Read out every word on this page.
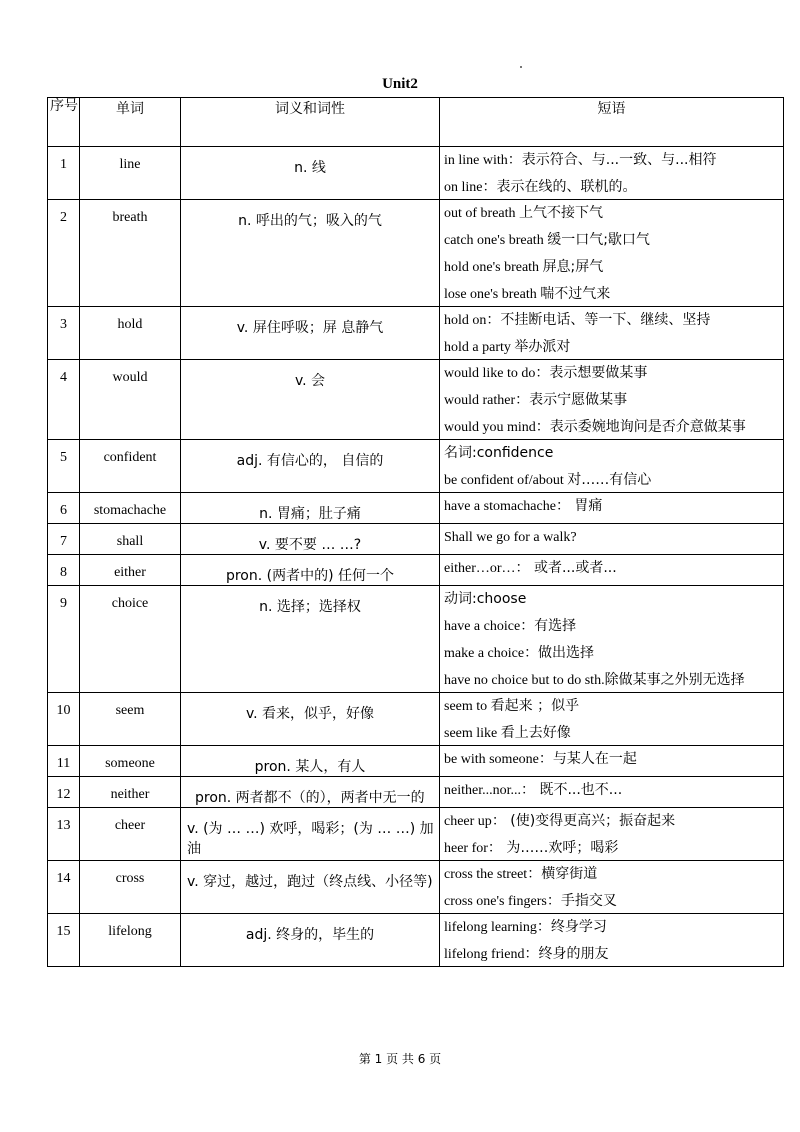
Unit2
序号	单词	词义和词性	短语
1	line	n. 线	in line with：表示符合、与...一致、与...相符
on line：表示在线的、联机的。

2	breath	n. 呼出的气；吸入的气	out of breath 上气不接下气
catch one's breath 缓一口气;歇口气
hold one's breath 屏息;屏气
lose one's breath 喘不过气来

3	hold	v. 屏住呼吸；屏 息静气	hold on：不挂断电话、等一下、继续、坚持
hold a party 举办派对

4	would	v. 会	would like to do：表示想要做某事
would rather：表示宁愿做某事
would you mind：表示委婉地询问是否介意做某事

5	confident	adj. 有信心的， 自信的	名词:confidence
be confident of/about 对……有信心

6	stomachache	n. 胃痛；肚子痛	have a stomachache： 胃痛

7	shall	v. 要不要 … …?	Shall we go for a walk?

8	either	pron. (两者中的) 任何一个	either…or…： 或者...或者...

9	choice	n. 选择；选择权	动词:choose
have a choice：有选择
make a choice：做出选择
have no choice but to do sth.除做某事之外别无选择

10	seem	v. 看来，似乎，好像	seem to 看起来 ；似乎
seem like 看上去好像

11	someone	pron. 某人，有人	be with someone：与某人在一起

12	neither	pron. 两者都不（的），两者中无一的	neither...nor...： 既不...也不...

13	cheer	v. (为 … …) 欢呼，喝彩；(为 … …) 加油	cheer up： (使)变得更高兴；振奋起来
heer for： 为……欢呼；喝彩

14	cross	v. 穿过，越过，跑过（终点线、小径等)	cross the street：横穿街道
cross one's fingers：手指交叉

15	lifelong	adj. 终身的，毕生的	lifelong learning：终身学习
lifelong friend：终身的朋友
第 1 页 共 6 页
